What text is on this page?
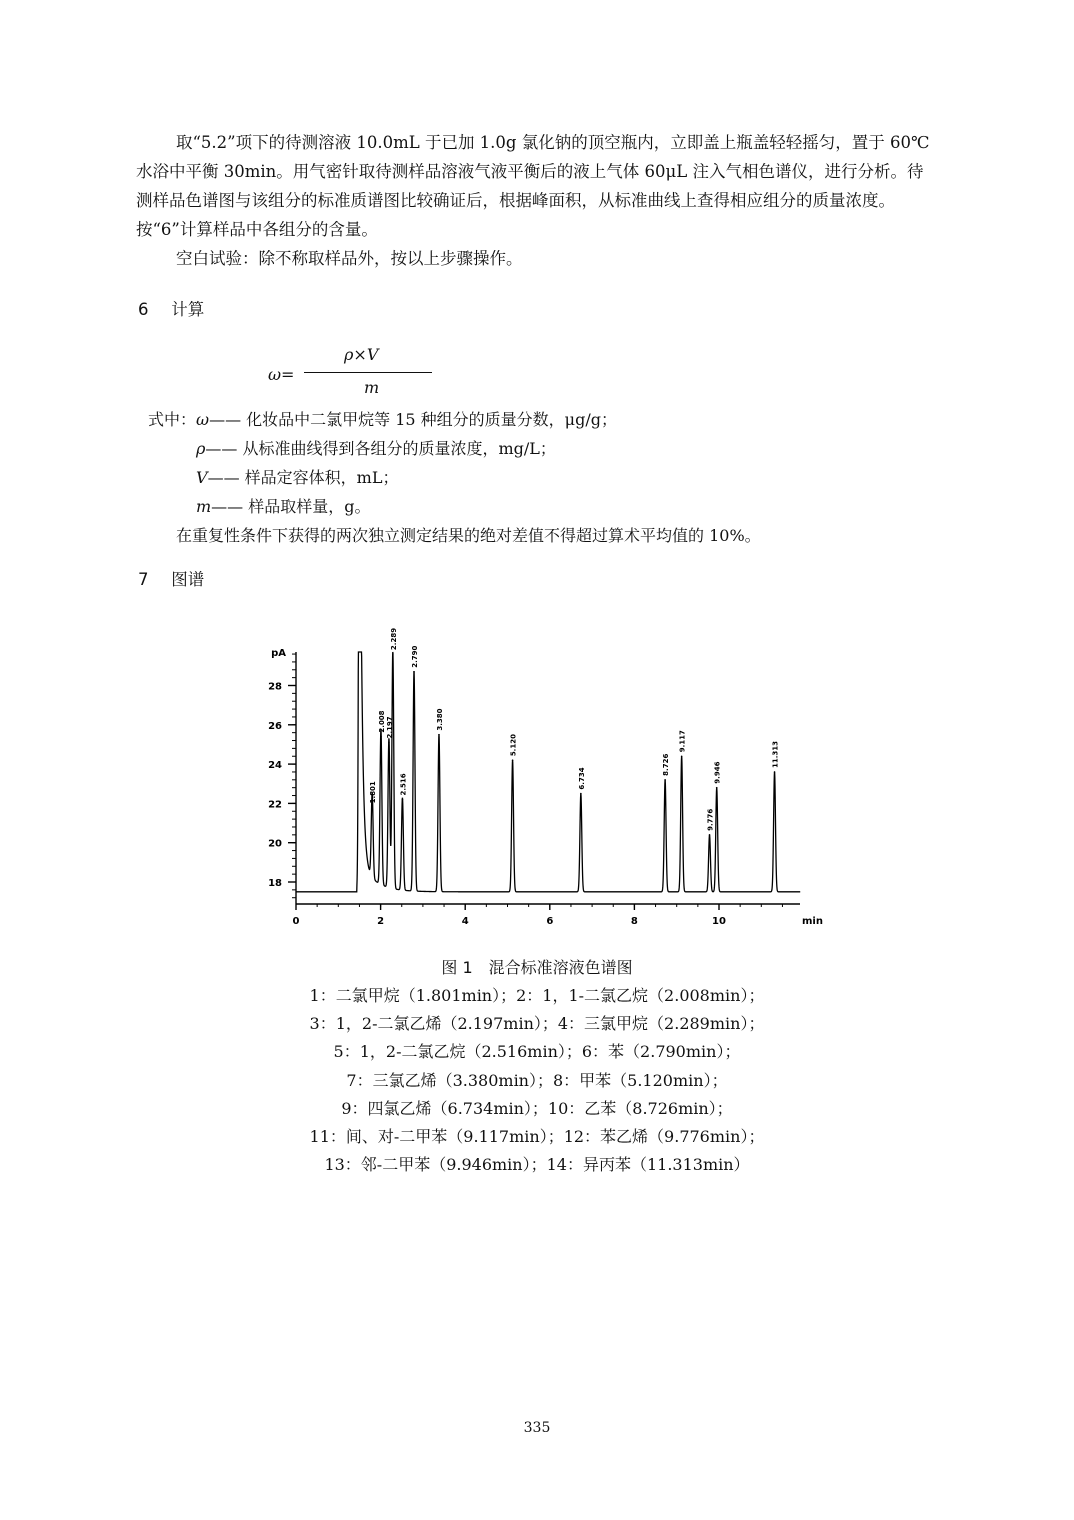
取“5.2”项下的待测溶液 10.0mL 于已加 1.0g 氯化钠的顶空瓶内，立即盖上瓶盖轻轻摇匀，置于 60℃水浴中平衡 30min。用气密针取待测样品溶液气液平衡后的液上气体 60μL 注入气相色谱仪，进行分析。待测样品色谱图与该组分的标准质谱图比较确证后，根据峰面积，从标准曲线上查得相应组分的质量浓度。按“6”计算样品中各组分的含量。

空白试验：除不称取样品外，按以上步骤操作。

6 计算
ω=
ρ×V
m
式中：ω—— 化妆品中二氯甲烷等 15 种组分的质量分数，μg/g；
ρ—— 从标准曲线得到各组分的质量浓度，mg/L；
V—— 样品定容体积，mL；
m—— 样品取样量，g。
在重复性条件下获得的两次独立测定结果的绝对差值不得超过算术平均值的 10%。
7 图谱
18
20
22
24
26
28
pA
0	2	4	6	8	10	min
1.801
2.008 2.197
2.289
2.516
2.790
3.380
5.120
6.734
8.726
9.117
9.776
9.946
11.313
图 1　混合标准溶液色谱图
1：二氯甲烷（1.801min）；2：1，1-二氯乙烷（2.008min）；
3：1，2-二氯乙烯（2.197min）；4：三氯甲烷（2.289min）；
5：1，2-二氯乙烷（2.516min）；6：苯（2.790min）；
7：三氯乙烯（3.380min）；8：甲苯（5.120min）；
9：四氯乙烯（6.734min）；10：乙苯（8.726min）；
11：间、对-二甲苯（9.117min）；12：苯乙烯（9.776min）；
13：邻-二甲苯（9.946min）；14：异丙苯（11.313min）
335
